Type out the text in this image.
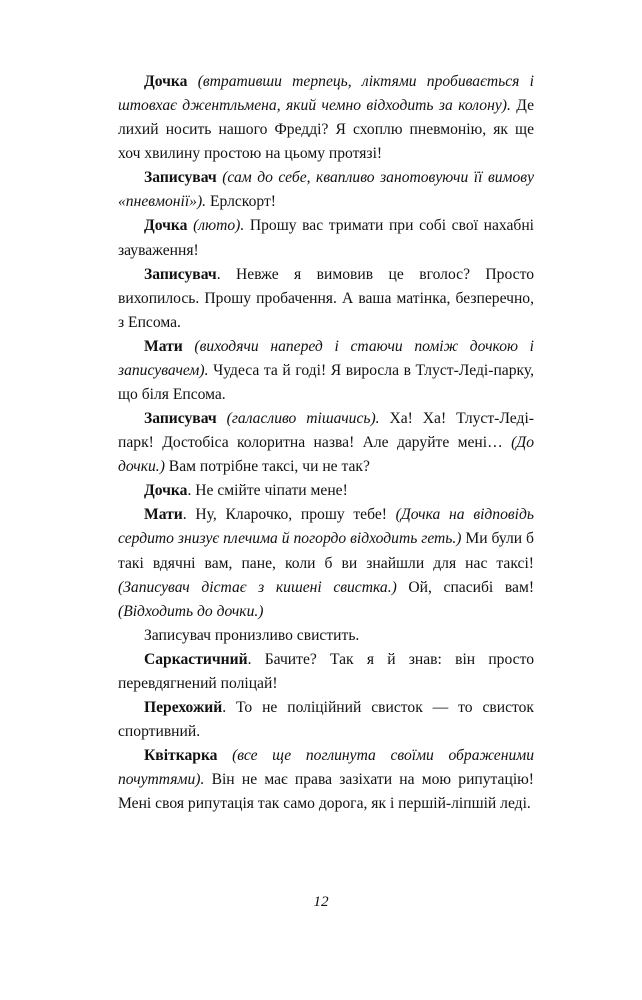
Дочка (втративши терпець, ліктями пробивається і штовхає джентльмена, який чемно відходить за колону). Де лихий носить нашого Фредді? Я схоплю пневмонію, як ще хоч хвилину простою на цьому протязі!

Записувач (сам до себе, квапливо занотовуючи її вимову «пневмонії»). Ерлскорт!

Дочка (люто). Прошу вас тримати при собі свої нахабні зауваження!

Записувач. Невже я вимовив це вголос? Просто вихопилось. Прошу пробачення. А ваша матінка, безперечно, з Епсома.

Мати (виходячи наперед і стаючи поміж дочкою і записувачем). Чудеса та й годі! Я виросла в Тлуст-Леді-парку, що біля Епсома.

Записувач (галасливо тішачись). Ха! Ха! Тлуст-Леді-парк! Достобіса колоритна назва! Але даруйте мені… (До дочки.) Вам потрібне таксі, чи не так?

Дочка. Не смійте чіпати мене!

Мати. Ну, Кларочко, прошу тебе! (Дочка на відповідь сердито знизує плечима й погордо відходить геть.) Ми були б такі вдячні вам, пане, коли б ви знайшли для нас таксі! (Записувач дістає з кишені свистка.) Ой, спасибі вам! (Відходить до дочки.)

Записувач пронизливо свистить.

Саркастичний. Бачите? Так я й знав: він просто перевдягнений поліцай!

Перехожий. То не поліційний свисток — то свисток спортивний.

Квіткарка (все ще поглинута своїми ображеними почуттями). Він не має права зазіхати на мою рипутацію! Мені своя рипутація так само дорога, як і першій-ліпшій леді.

12
